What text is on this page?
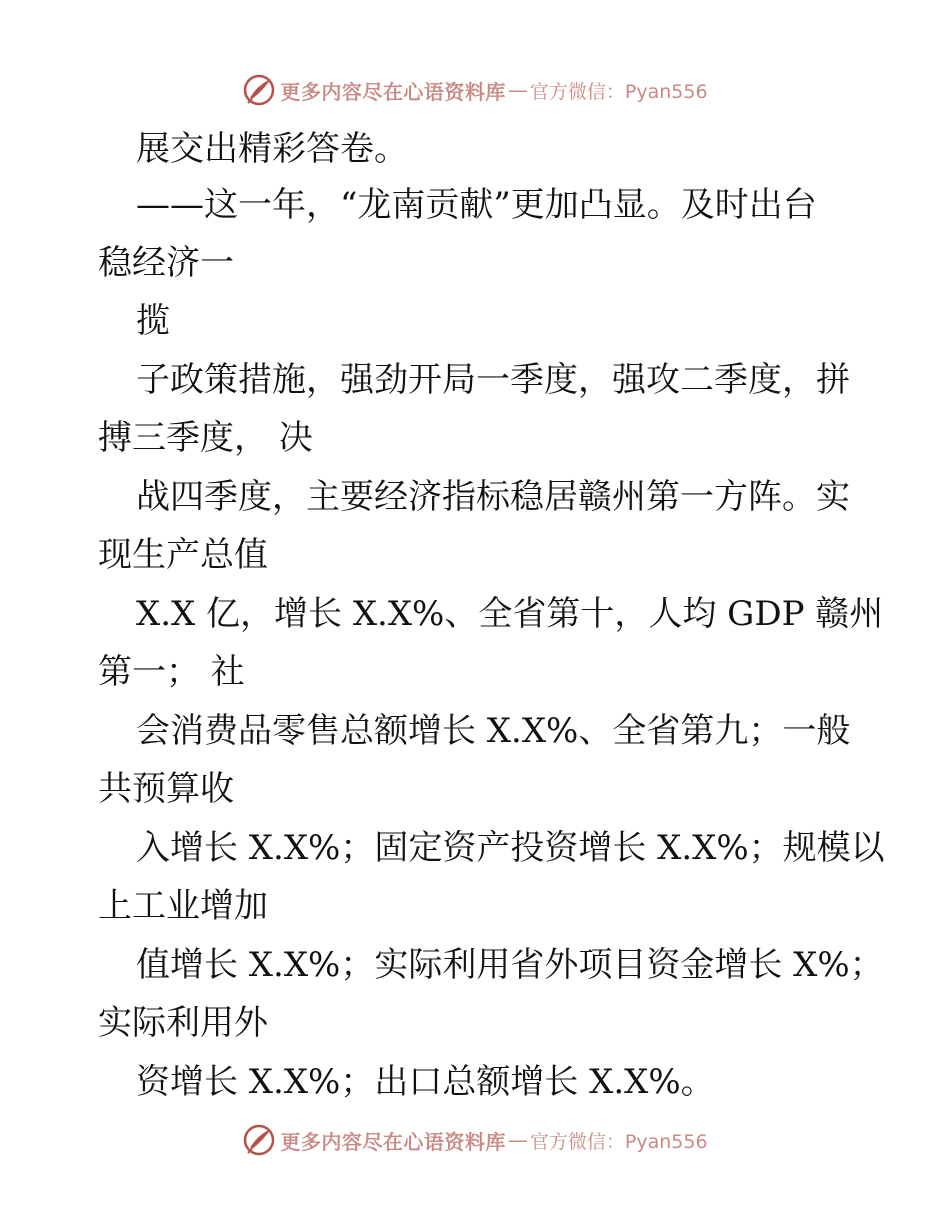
更多内容尽在心语资料库 — 官方微信：Pyan556
展交出精彩答卷。
——这一年，“龙南贡献”更加凸显。及时出台
稳经济一
揽
子政策措施，强劲开局一季度，强攻二季度，拼
搏三季度， 决
战四季度，主要经济指标稳居赣州第一方阵。实
现生产总值
X.X 亿，增长 X.X%、全省第十，人均 GDP 赣州
第一； 社
会消费品零售总额增长 X.X%、全省第九；一般
共预算收
入增长 X.X%；固定资产投资增长 X.X%；规模以
上工业增加
值增长 X.X%；实际利用省外项目资金增长 X%；
实际利用外
资增长 X.X%；出口总额增长 X.X%。
更多内容尽在心语资料库 — 官方微信：Pyan556
